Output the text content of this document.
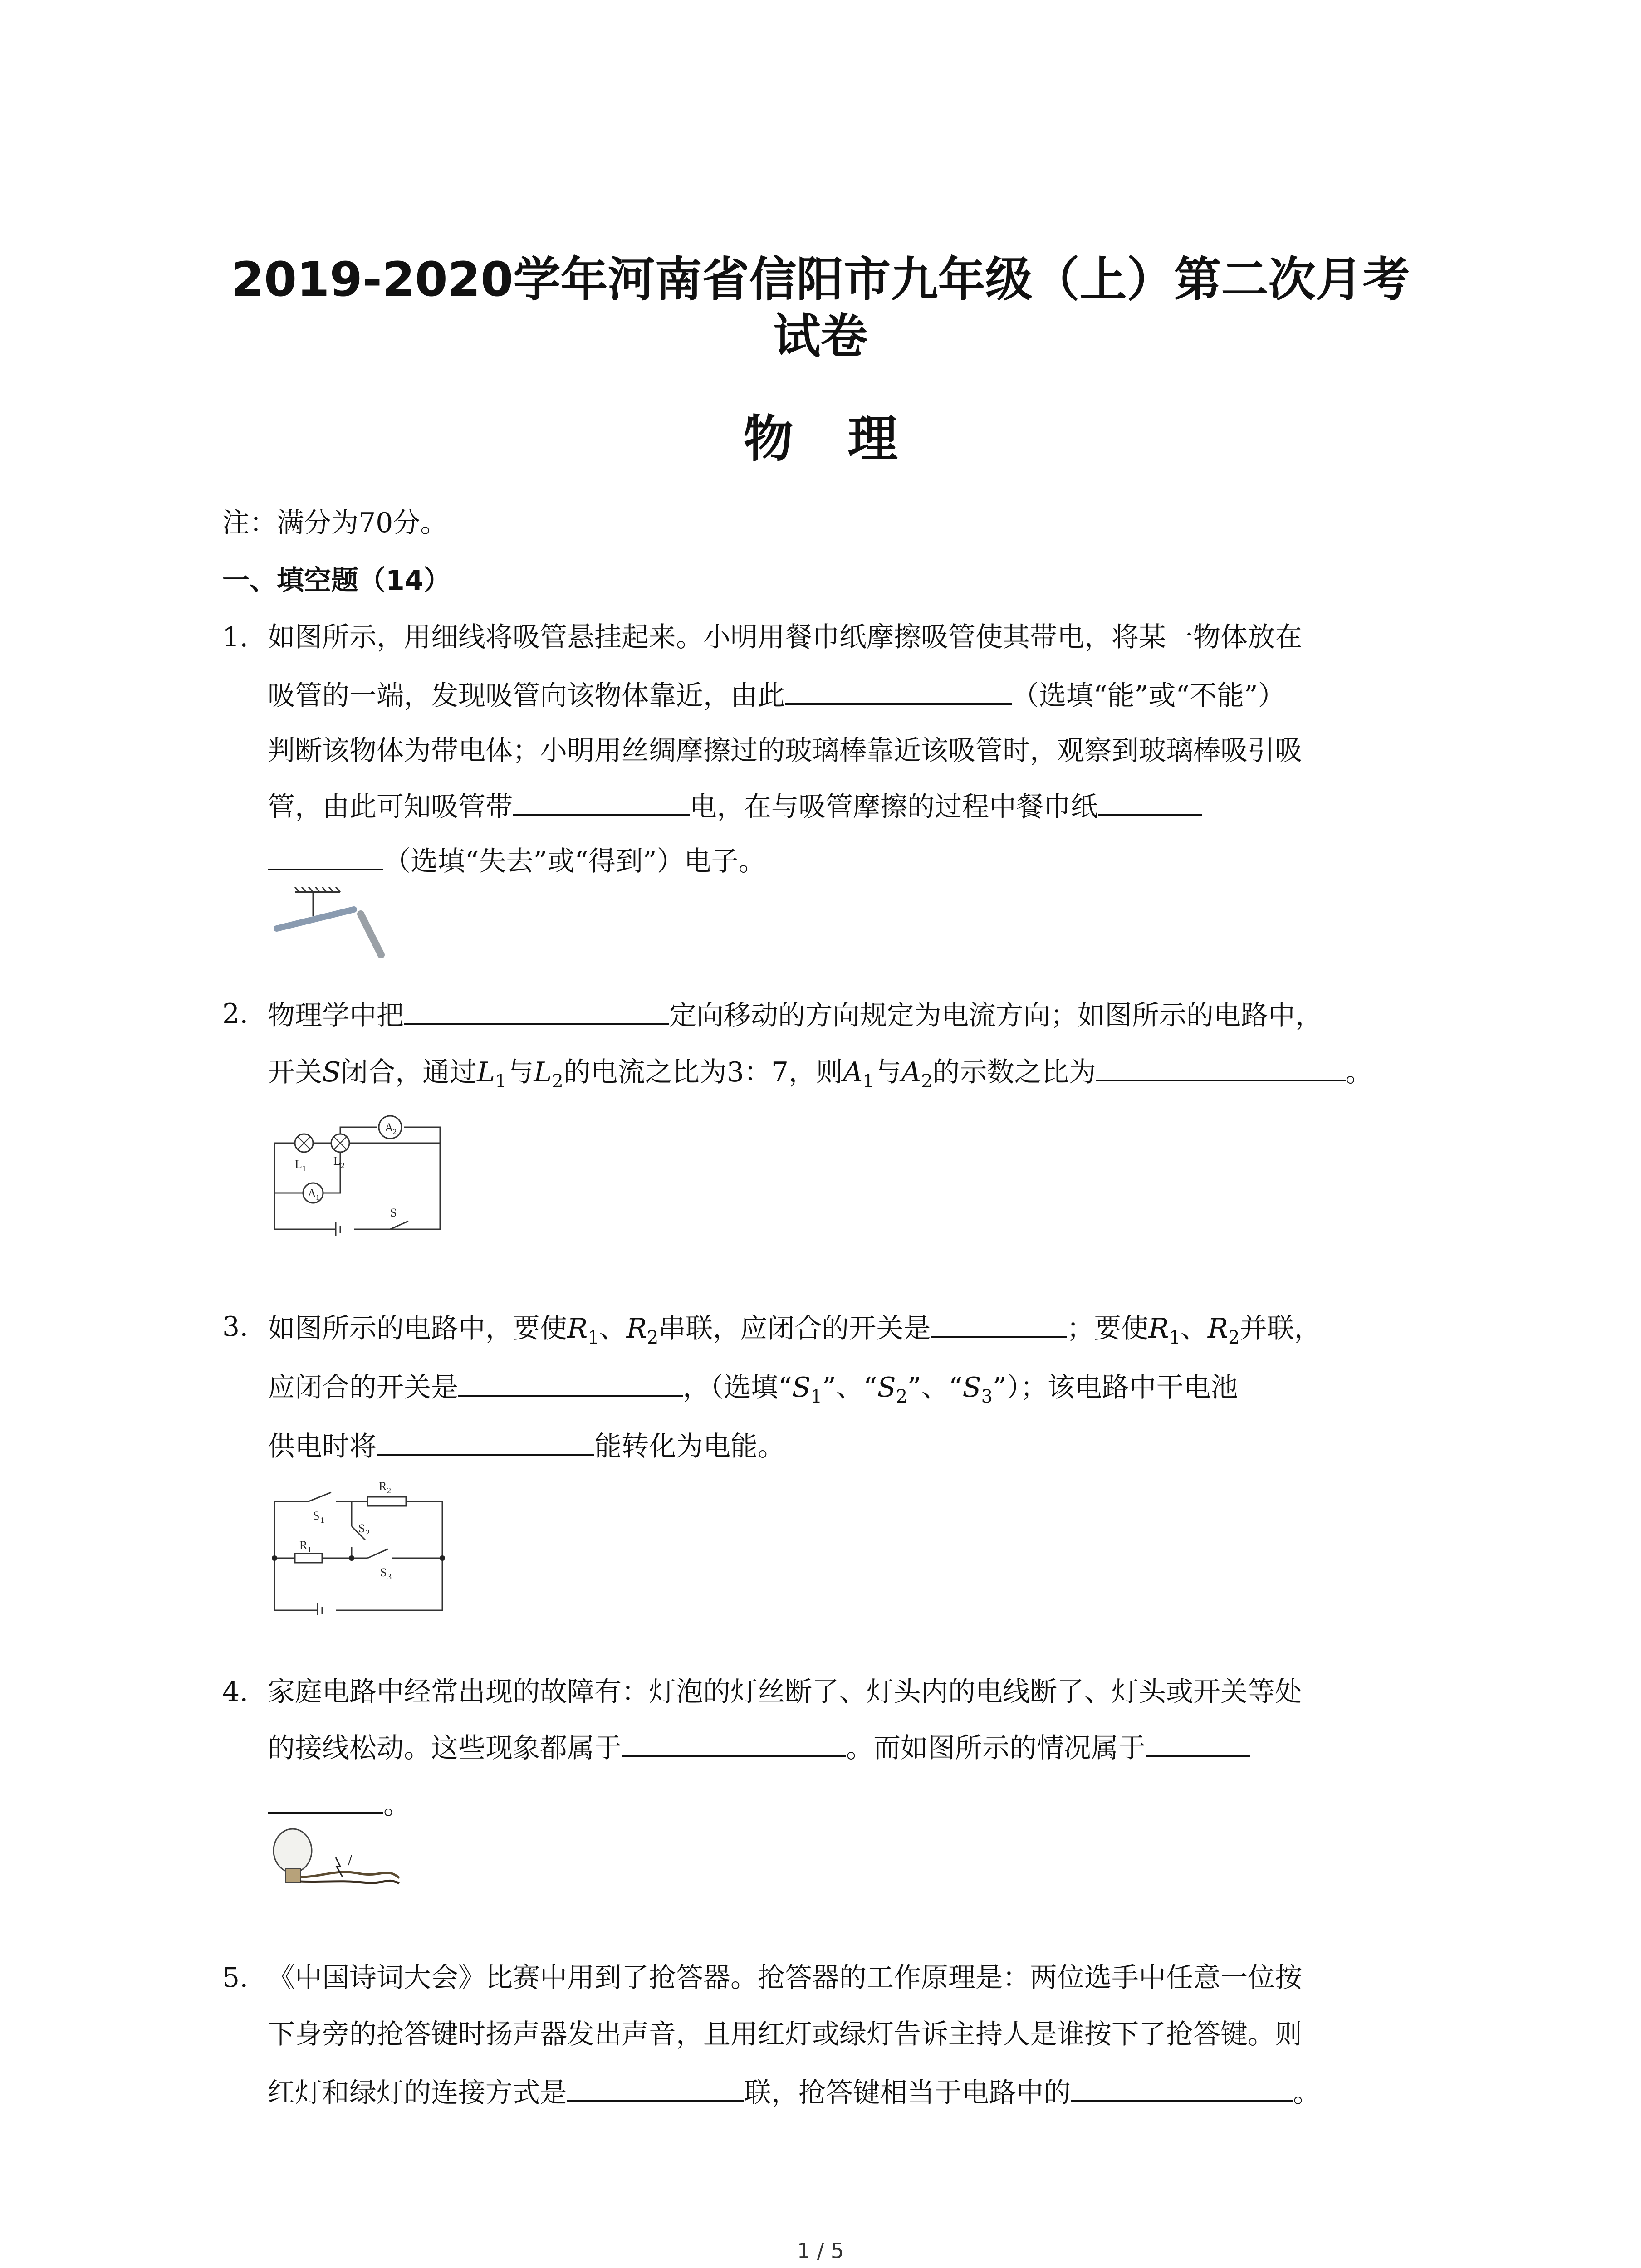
2019-2020学年河南省信阳市九年级（上）第二次月考
试卷
物理
注：满分为70分。
一、填空题（14）
1. 如图所示，用细线将吸管悬挂起来。小明用餐巾纸摩擦吸管使其带电，将某一物体放在
吸管的一端，发现吸管向该物体靠近，由此	（选填“能”或“不能”）
判断该物体为带电体；小明用丝绸摩擦过的玻璃棒靠近该吸管时，观察到玻璃棒吸引吸
管，由此可知吸管带	电，在与吸管摩擦的过程中餐巾纸
（选填“失去”或“得到”）电子。
2. 物理学中把	定向移动的方向规定为电流方向；如图所示的电路中，
开关S闭合，通过$L_1$与$L_2$的电流之比为3：7，则$A_1$与$A_2$的示数之比为	。
L 1
L 2
A 2
A 1
S
3. 如图所示的电路中，要使$R_1$、$R_2$串联，应闭合的开关是	；要使$R_1$、$R_2$并联，
应闭合的开关是	，（选填“$S_1$”、“$S_2$”、“$S_3$”）；该电路中干电池
供电时将	能转化为电能。
R 2
S 1
S 2
R 1
S 3
4. 家庭电路中经常出现的故障有：灯泡的灯丝断了、灯头内的电线断了、灯头或开关等处
的接线松动。这些现象都属于	。而如图所示的情况属于
。
5. 《中国诗词大会》比赛中用到了抢答器。抢答器的工作原理是：两位选手中任意一位按
下身旁的抢答键时扬声器发出声音，且用红灯或绿灯告诉主持人是谁按下了抢答键。则
红灯和绿灯的连接方式是	联，抢答键相当于电路中的	。
1 / 5
